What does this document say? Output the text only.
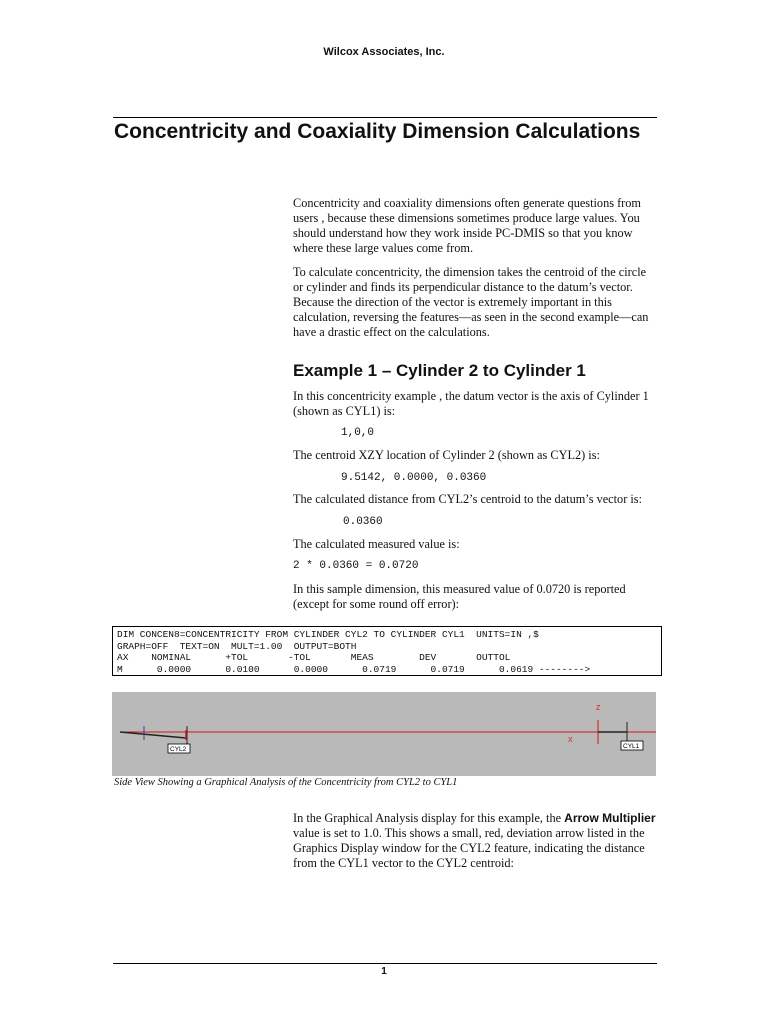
Wilcox Associates, Inc.
Concentricity and Coaxiality Dimension Calculations

Concentricity and coaxiality dimensions often generate questions from users , because these dimensions sometimes produce large values. You should understand how they work inside PC-DMIS so that you know where these large values come from.

To calculate concentricity, the dimension takes the centroid of the circle or cylinder and finds its perpendicular distance to the datum’s vector. Because the direction of the vector is extremely important in this calculation, reversing the features—as seen in the second example—can have a drastic effect on the calculations.

Example 1 – Cylinder 2 to Cylinder 1

In this concentricity example , the datum vector is the axis of Cylinder 1 (shown as CYL1) is:

1,0,0

The centroid XZY location of Cylinder 2 (shown as CYL2) is:

9.5142, 0.0000, 0.0360

The calculated distance from CYL2’s centroid to the datum’s vector is:

0.0360

The calculated measured value is:

2 * 0.0360 = 0.0720

In this sample dimension, this measured value of 0.0720 is reported (except for some round off error):

DIM CONCEN8=CONCENTRICITY FROM CYLINDER CYL2 TO CYLINDER CYL1  UNITS=IN ,$
GRAPH=OFF  TEXT=ON  MULT=1.00  OUTPUT=BOTH
AX    NOMINAL      +TOL       -TOL       MEAS        DEV       OUTTOL
M      0.0000      0.0100      0.0000      0.0719      0.0719      0.0619 -------->
X
Z
CYL2	CYL1
Side View Showing a Graphical Analysis of the Concentricity from CYL2 to CYL1

In the Graphical Analysis display for this example, the Arrow Multiplier value is set to 1.0. This shows a small, red, deviation arrow listed in the Graphics Display window for the CYL2 feature, indicating the distance from the CYL1 vector to the CYL2 centroid:

1
